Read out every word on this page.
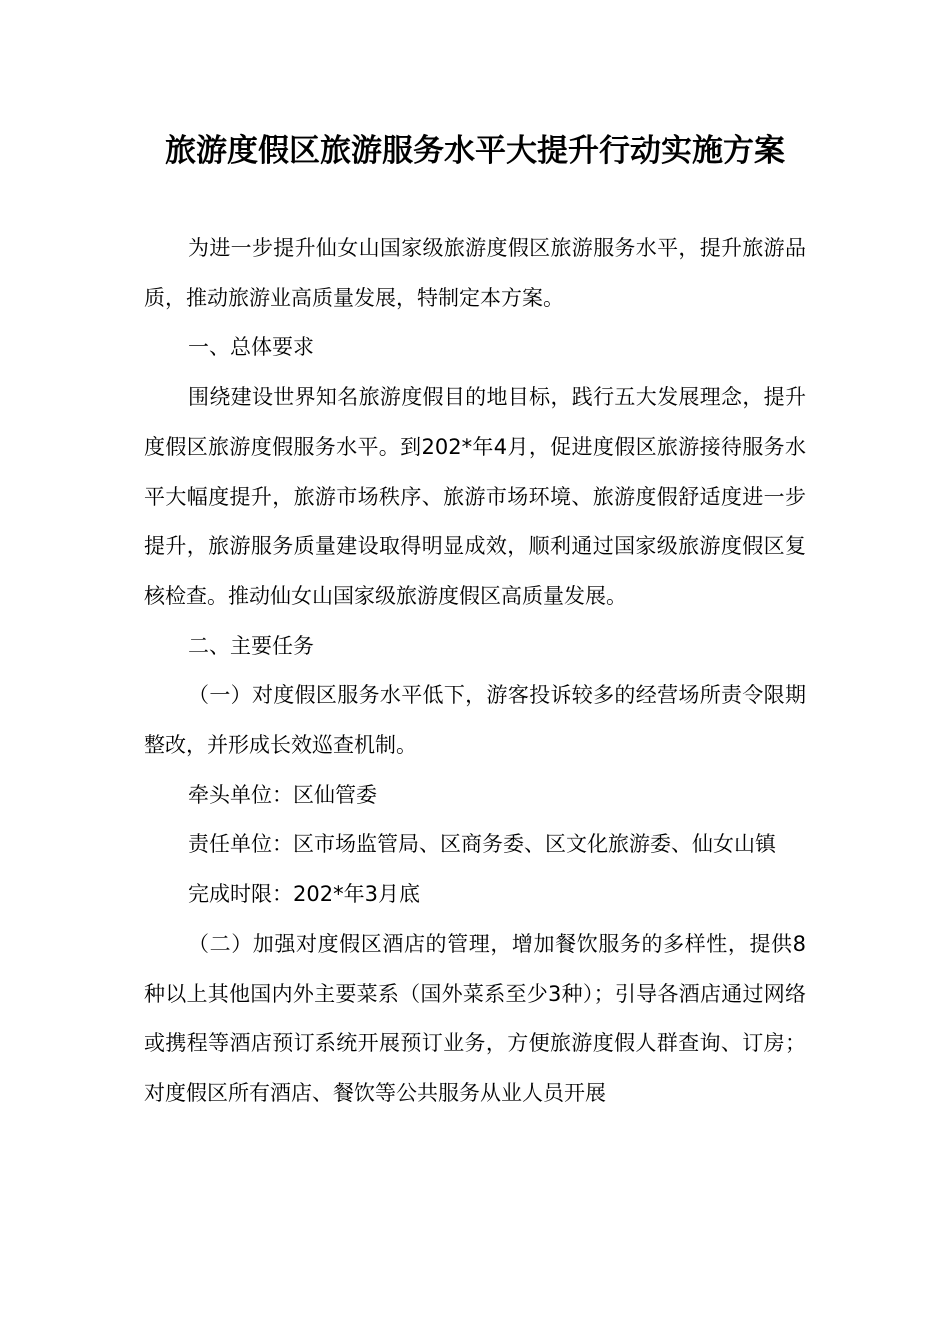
旅游度假区旅游服务水平大提升行动实施方案

为进一步提升仙女山国家级旅游度假区旅游服务水平，提升旅游品质，推动旅游业高质量发展，特制定本方案。

一、总体要求

围绕建设世界知名旅游度假目的地目标，践行五大发展理念，提升度假区旅游度假服务水平。到202*年4月，促进度假区旅游接待服务水平大幅度提升，旅游市场秩序、旅游市场环境、旅游度假舒适度进一步提升，旅游服务质量建设取得明显成效，顺利通过国家级旅游度假区复核检查。推动仙女山国家级旅游度假区高质量发展。

二、主要任务

（一）对度假区服务水平低下，游客投诉较多的经营场所责令限期整改，并形成长效巡查机制。

牵头单位：区仙管委

责任单位：区市场监管局、区商务委、区文化旅游委、仙女山镇

完成时限：202*年3月底

（二）加强对度假区酒店的管理，增加餐饮服务的多样性，提供8种以上其他国内外主要菜系（国外菜系至少3种）；引导各酒店通过网络或携程等酒店预订系统开展预订业务，方便旅游度假人群查询、订房；对度假区所有酒店、餐饮等公共服务从业人员开展
